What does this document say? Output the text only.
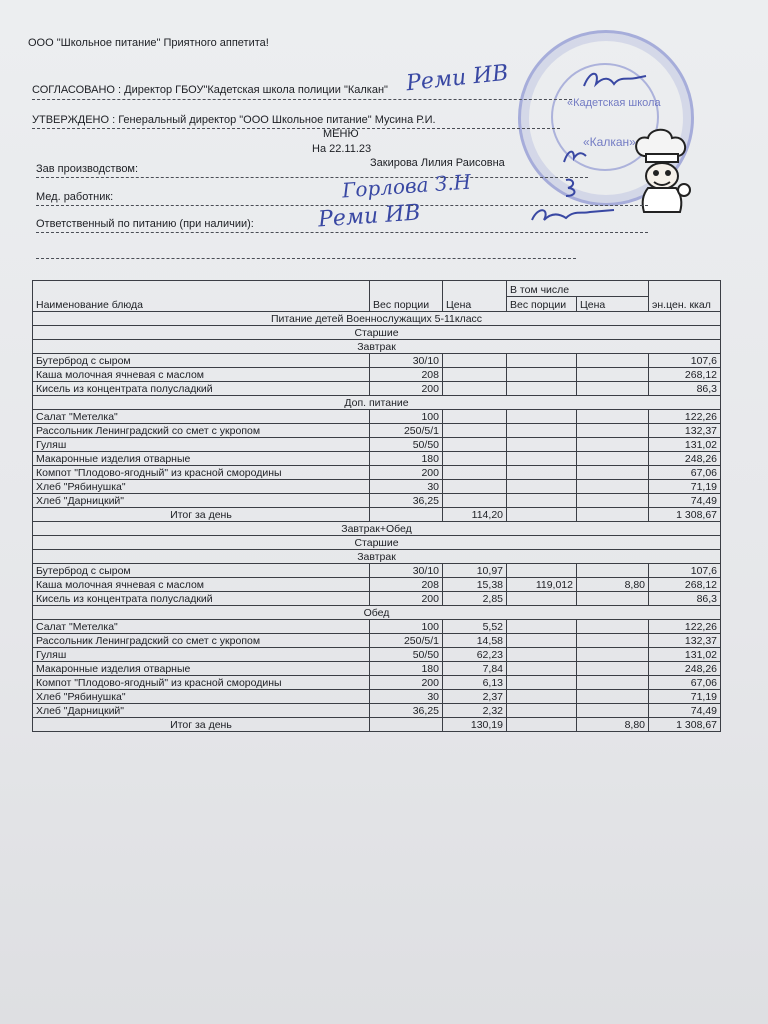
«Кадетская школа
«Калкан»
ООО "Школьное питание" Приятного аппетита!
СОГЛАСОВАНО : Директор ГБОУ"Кадетская школа полиции "Калкан" Реми ИВ
УТВЕРЖДЕНО : Генеральный директор "ООО Школьное питание" Мусина Р.И.
МЕНЮ
На 22.11.23
Зав производством:	Закирова Лилия Раисовна
Мед. работник:	Горлова З.Н
Ответственный по питанию (при наличии):	Реми ИВ
Наименование блюда	Вес порции	Цена	В том числе		эн.цен. ккал
			Вес порции	Цена	
Питание детей Военнослужащих 5-11класс					
Старшие					
Завтрак					
Бутерброд с сыром	30/10				107,6
Каша молочная ячневая с маслом	208				268,12
Кисель из концентрата полусладкий	200				86,3
Доп. питание					
Салат "Метелка"	100				122,26
Рассольник Ленинградский со смет с укропом	250/5/1				132,37
Гуляш	50/50				131,02
Макаронные изделия отварные	180				248,26
Компот "Плодово-ягодный" из красной смородины	200				67,06
Хлеб "Рябинушка"	30				71,19
Хлеб "Дарницкий"	36,25				74,49
Итог за день		114,20			1 308,67
Завтрак+Обед					
Старшие					
Завтрак					
Бутерброд с сыром	30/10	10,97			107,6
Каша молочная ячневая с маслом	208	15,38	119,012	8,80	268,12
Кисель из концентрата полусладкий	200	2,85			86,3
Обед					
Салат "Метелка"	100	5,52			122,26
Рассольник Ленинградский со смет с укропом	250/5/1	14,58			132,37
Гуляш	50/50	62,23			131,02
Макаронные изделия отварные	180	7,84			248,26
Компот "Плодово-ягодный" из красной смородины	200	6,13			67,06
Хлеб "Рябинушка"	30	2,37			71,19
Хлеб "Дарницкий"	36,25	2,32			74,49
Итог за день		130,19		8,80	1 308,67
